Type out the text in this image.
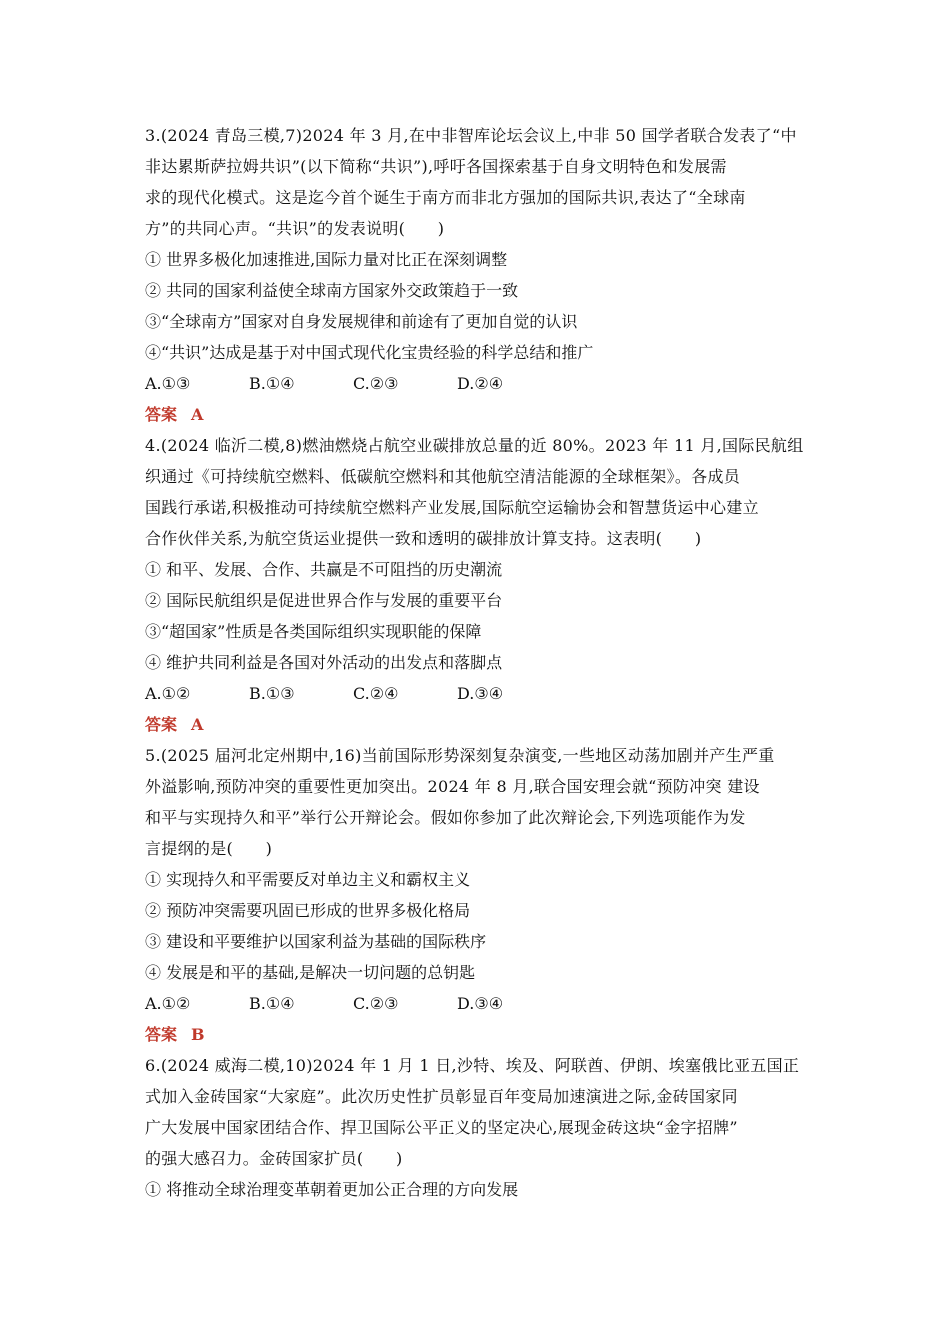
3.(2024 青岛三模,7)2024 年 3 月,在中非智库论坛会议上,中非 50 国学者联合发表了“中
非达累斯萨拉姆共识”(以下简称“共识”),呼吁各国探索基于自身文明特色和发展需
求的现代化模式。这是迄今首个诞生于南方而非北方强加的国际共识,表达了“全球南
方”的共同心声。“共识”的发表说明(　　)
① 世界多极化加速推进,国际力量对比正在深刻调整
② 共同的国家利益使全球南方国家外交政策趋于一致
③“全球南方”国家对自身发展规律和前途有了更加自觉的认识
④“共识”达成是基于对中国式现代化宝贵经验的科学总结和推广
A.①③	B.①④	C.②③	D.②④
答案 A
4.(2024 临沂二模,8)燃油燃烧占航空业碳排放总量的近 80%。2023 年 11 月,国际民航组
织通过《可持续航空燃料、低碳航空燃料和其他航空清洁能源的全球框架》。各成员
国践行承诺,积极推动可持续航空燃料产业发展,国际航空运输协会和智慧货运中心建立
合作伙伴关系,为航空货运业提供一致和透明的碳排放计算支持。这表明(　　)
① 和平、发展、合作、共赢是不可阻挡的历史潮流
② 国际民航组织是促进世界合作与发展的重要平台
③“超国家”性质是各类国际组织实现职能的保障
④ 维护共同利益是各国对外活动的出发点和落脚点
A.①②	B.①③	C.②④	D.③④
答案 A
5.(2025 届河北定州期中,16)当前国际形势深刻复杂演变,一些地区动荡加剧并产生严重
外溢影响,预防冲突的重要性更加突出。2024 年 8 月,联合国安理会就“预防冲突 建设
和平与实现持久和平”举行公开辩论会。假如你参加了此次辩论会,下列选项能作为发
言提纲的是(　　)
① 实现持久和平需要反对单边主义和霸权主义
② 预防冲突需要巩固已形成的世界多极化格局
③ 建设和平要维护以国家利益为基础的国际秩序
④ 发展是和平的基础,是解决一切问题的总钥匙
A.①②	B.①④	C.②③	D.③④
答案 B
6.(2024 威海二模,10)2024 年 1 月 1 日,沙特、埃及、阿联酋、伊朗、埃塞俄比亚五国正
式加入金砖国家“大家庭”。此次历史性扩员彰显百年变局加速演进之际,金砖国家同
广大发展中国家团结合作、捍卫国际公平正义的坚定决心,展现金砖这块“金字招牌”
的强大感召力。金砖国家扩员(　　)
① 将推动全球治理变革朝着更加公正合理的方向发展
